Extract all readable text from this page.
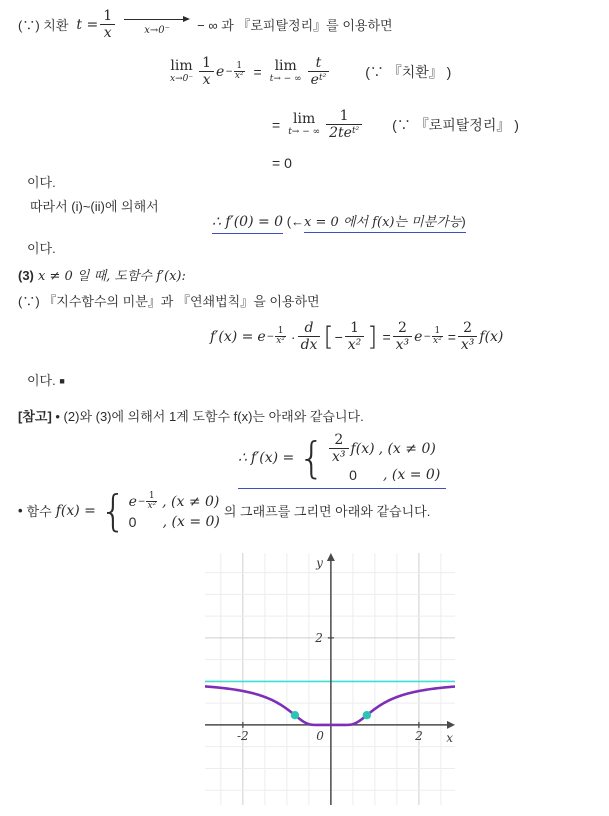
(∵) 치환 $t = \frac{1}{x}$	x→0⁻ − ∞ 과 『로피탈정리』를 이용하면
lim
$x\to 0^- \frac{1}{x}$ $e - \frac{1}{\text{x²}} = \lim$
t→ − ∞ $\frac{t}{e^{t^2}}$	(∵ 『치환』 )
= lim
t→ − ∞ $\frac{1}{2te^{t^2}}$ (∵ 『로피탈정리』 )
= 0
이다.
따라서 (i)~(ii)에 의해서
∴ f′(0) = 0 (←x = 0 에서 f(x)는 미분가능)
이다.
(3) x ≠ 0 일 때, 도함수 f′(x):
(∵) 『지수함수의 미분』과 『연쇄법칙』을 이용하면
$f'(x) = e - \frac{1}{\text{x²}} \cdot \frac{d}{dx}$ [ − $\frac{1}{\text{x²}}$ ] = $\frac{2}{\text{x³}}$ $e - \frac{1}{\text{x²}} = \frac{2}{\text{x³}} f(x)$
이다. ■
[참고] • (2)와 (3)에 의해서 1계 도함수 f(x)는 아래와 같습니다.
∴ f′(x) = { $\frac{2}{\text{x³}} f(x)$ , (x ≠ 0)
0	, (x = 0)
• 함수 f(x) = { $e - \frac{1}{\text{x²}}$ , (x ≠ 0)
0	, (x = 0)
의 그래프를 그리면 아래와 같습니다.
y
x
2
-2	0	2
